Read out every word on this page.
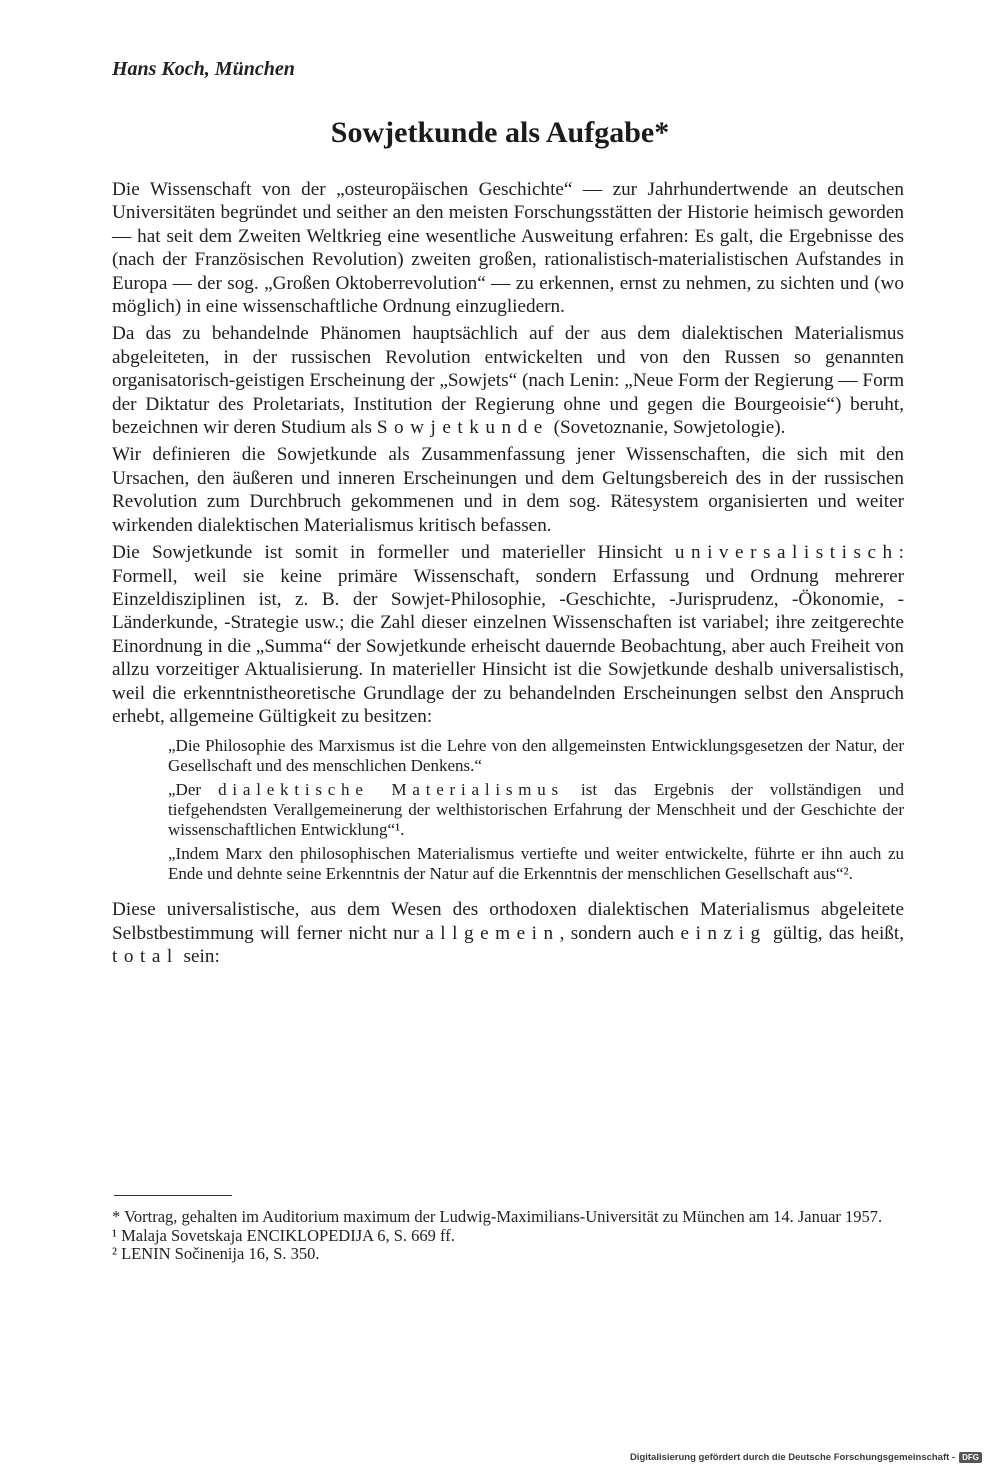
Hans Koch, München
Sowjetkunde als Aufgabe*

Die Wissenschaft von der „osteuropäischen Geschichte“ — zur Jahrhundertwende an deutschen Universitäten begründet und seither an den meisten Forschungsstätten der Historie heimisch geworden — hat seit dem Zweiten Weltkrieg eine wesentliche Ausweitung erfahren: Es galt, die Ergebnisse des (nach der Französischen Revolution) zweiten großen, rationalistisch-materialistischen Aufstandes in Europa — der sog. „Großen Oktoberrevolution“ — zu erkennen, ernst zu nehmen, zu sichten und (wo möglich) in eine wissenschaftliche Ordnung einzugliedern.

Da das zu behandelnde Phänomen hauptsächlich auf der aus dem dialektischen Materialismus abgeleiteten, in der russischen Revolution entwickelten und von den Russen so genannten organisatorisch-geistigen Erscheinung der „Sowjets“ (nach Lenin: „Neue Form der Regierung — Form der Diktatur des Proletariats, Institution der Regierung ohne und gegen die Bourgeoisie“) beruht, bezeichnen wir deren Studium als Sowjetkunde (Sovetoznanie, Sowjetologie).

Wir definieren die Sowjetkunde als Zusammenfassung jener Wissenschaften, die sich mit den Ursachen, den äußeren und inneren Erscheinungen und dem Geltungsbereich des in der russischen Revolution zum Durchbruch gekommenen und in dem sog. Rätesystem organisierten und weiter wirkenden dialektischen Materialismus kritisch befassen.

Die Sowjetkunde ist somit in formeller und materieller Hinsicht universalistisch: Formell, weil sie keine primäre Wissenschaft, sondern Erfassung und Ordnung mehrerer Einzeldisziplinen ist, z. B. der Sowjet-Philosophie, -Geschichte, -Jurisprudenz, -Ökonomie, -Länderkunde, -Strategie usw.; die Zahl dieser einzelnen Wissenschaften ist variabel; ihre zeitgerechte Einordnung in die „Summa“ der Sowjetkunde erheischt dauernde Beobachtung, aber auch Freiheit von allzu vorzeitiger Aktualisierung. In materieller Hinsicht ist die Sowjetkunde deshalb universalistisch, weil die erkenntnistheoretische Grundlage der zu behandelnden Erscheinungen selbst den Anspruch erhebt, allgemeine Gültigkeit zu besitzen:

„Die Philosophie des Marxismus ist die Lehre von den allgemeinsten Entwicklungsgesetzen der Natur, der Gesellschaft und des menschlichen Denkens.“

„Der dialektische Materialismus ist das Ergebnis der vollständigen und tiefgehendsten Verallgemeinerung der welthistorischen Erfahrung der Menschheit und der Geschichte der wissenschaftlichen Entwicklung“¹.

„Indem Marx den philosophischen Materialismus vertiefte und weiter entwickelte, führte er ihn auch zu Ende und dehnte seine Erkenntnis der Natur auf die Erkenntnis der menschlichen Gesellschaft aus“².

Diese universalistische, aus dem Wesen des orthodoxen dialektischen Materialismus abgeleitete Selbstbestimmung will ferner nicht nur allgemein, sondern auch einzig gültig, das heißt, total sein:

* Vortrag, gehalten im Auditorium maximum der Ludwig-Maximilians-Universität zu München am 14. Januar 1957.

¹ Malaja Sovetskaja ENCIKLOPEDIJA 6, S. 669 ff.

² LENIN Sočinenija 16, S. 350.

Digitalisierung gefördert durch die Deutsche Forschungsgemeinschaft - DFG
